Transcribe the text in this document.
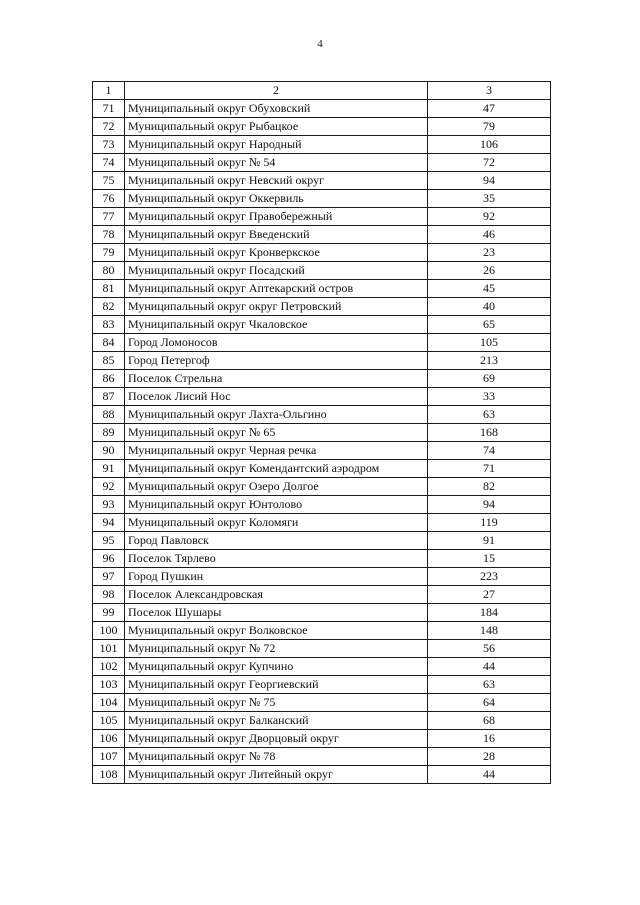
4
1	2	3
71	Муниципальный округ Обуховский	47
72	Муниципальный округ Рыбацкое	79
73	Муниципальный округ Народный	106
74	Муниципальный округ № 54	72
75	Муниципальный округ Невский округ	94
76	Муниципальный округ Оккервиль	35
77	Муниципальный округ Правобережный	92
78	Муниципальный округ Введенский	46
79	Муниципальный округ Кронверкское	23
80	Муниципальный округ Посадский	26
81	Муниципальный округ Аптекарский остров	45
82	Муниципальный округ округ Петровский	40
83	Муниципальный округ Чкаловское	65
84	Город Ломоносов	105
85	Город Петергоф	213
86	Поселок Стрельна	69
87	Поселок Лисий Нос	33
88	Муниципальный округ Лахта-Ольгино	63
89	Муниципальный округ № 65	168
90	Муниципальный округ Черная речка	74
91	Муниципальный округ Комендантский аэродром	71
92	Муниципальный округ Озеро Долгое	82
93	Муниципальный округ Юнтолово	94
94	Муниципальный округ Коломяги	119
95	Город Павловск	91
96	Поселок Тярлево	15
97	Город Пушкин	223
98	Поселок Александровская	27
99	Поселок Шушары	184
100	Муниципальный округ Волковское	148
101	Муниципальный округ № 72	56
102	Муниципальный округ Купчино	44
103	Муниципальный округ Георгиевский	63
104	Муниципальный округ № 75	64
105	Муниципальный округ Балканский	68
106	Муниципальный округ Дворцовый округ	16
107	Муниципальный округ № 78	28
108	Муниципальный округ Литейный округ	44
